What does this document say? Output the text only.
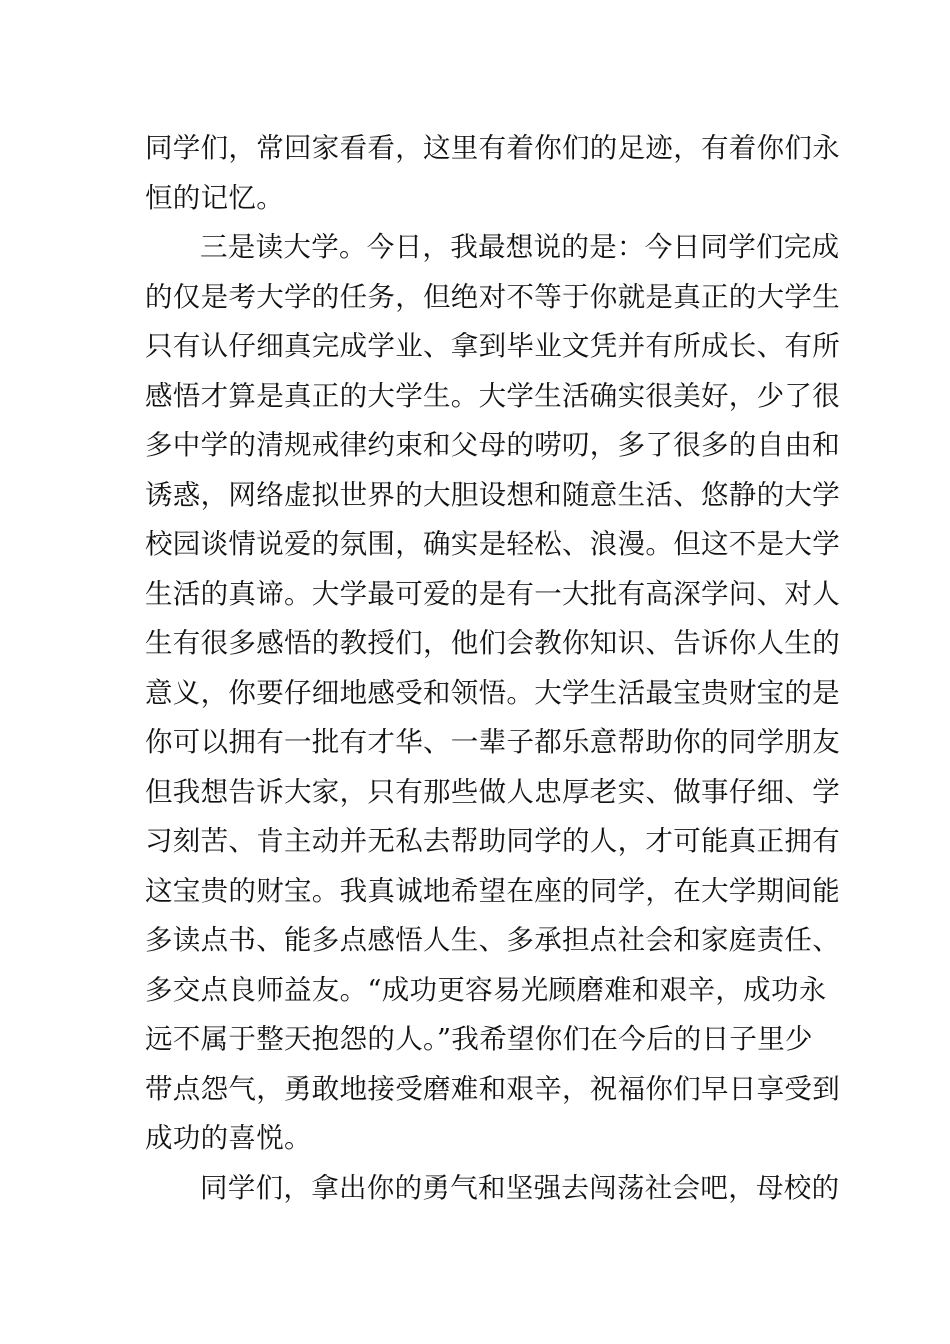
同学们，常回家看看，这里有着你们的足迹，有着你们永
恒的记忆。
三是读大学。今日，我最想说的是：今日同学们完成
的仅是考大学的任务，但绝对不等于你就是真正的大学生
只有认仔细真完成学业、拿到毕业文凭并有所成长、有所
感悟才算是真正的大学生。大学生活确实很美好，少了很
多中学的清规戒律约束和父母的唠叨，多了很多的自由和
诱惑，网络虚拟世界的大胆设想和随意生活、悠静的大学
校园谈情说爱的氛围，确实是轻松、浪漫。但这不是大学
生活的真谛。大学最可爱的是有一大批有高深学问、对人
生有很多感悟的教授们，他们会教你知识、告诉你人生的
意义，你要仔细地感受和领悟。大学生活最宝贵财宝的是
你可以拥有一批有才华、一辈子都乐意帮助你的同学朋友
但我想告诉大家，只有那些做人忠厚老实、做事仔细、学
习刻苦、肯主动并无私去帮助同学的人，才可能真正拥有
这宝贵的财宝。我真诚地希望在座的同学，在大学期间能
多读点书、能多点感悟人生、多承担点社会和家庭责任、
多交点良师益友。“成功更容易光顾磨难和艰辛，成功永
远不属于整天抱怨的人。”我希望你们在今后的日子里少
带点怨气，勇敢地接受磨难和艰辛，祝福你们早日享受到
成功的喜悦。
同学们，拿出你的勇气和坚强去闯荡社会吧，母校的
